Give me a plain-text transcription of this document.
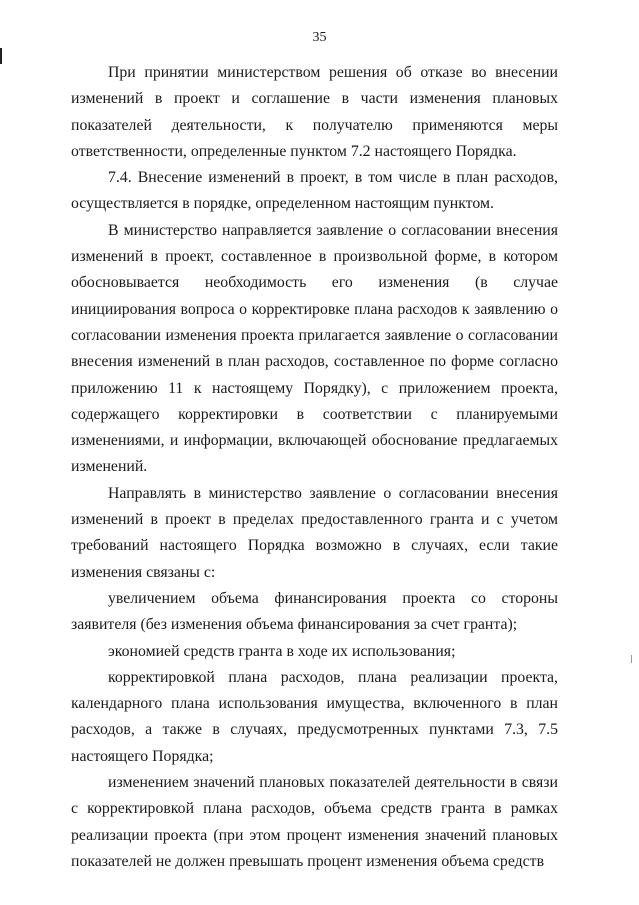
35

При принятии министерством решения об отказе во внесении изменений в проект и соглашение в части изменения плановых показателей деятельности, к получателю применяются меры ответственности, определенные пунктом 7.2 настоящего Порядка.

7.4. Внесение изменений в проект, в том числе в план расходов, осуществляется в порядке, определенном настоящим пунктом.

В министерство направляется заявление о согласовании внесения изменений в проект, составленное в произвольной форме, в котором обосновывается необходимость его изменения (в случае инициирования вопроса о корректировке плана расходов к заявлению о согласовании изменения проекта прилагается заявление о согласовании внесения изменений в план расходов, составленное по форме согласно приложению 11 к настоящему Порядку), с приложением проекта, содержащего корректировки в соответствии с планируемыми изменениями, и информации, включающей обоснование предлагаемых изменений.

Направлять в министерство заявление о согласовании внесения изменений в проект в пределах предоставленного гранта и с учетом требований настоящего Порядка возможно в случаях, если такие изменения связаны с:

увеличением объема финансирования проекта со стороны заявителя (без изменения объема финансирования за счет гранта);

экономией средств гранта в ходе их использования;

корректировкой плана расходов, плана реализации проекта, календарного плана использования имущества, включенного в план расходов, а также в случаях, предусмотренных пунктами 7.3, 7.5 настоящего Порядка;

изменением значений плановых показателей деятельности в связи с корректировкой плана расходов, объема средств гранта в рамках реализации проекта (при этом процент изменения значений плановых показателей не должен превышать процент изменения объема средств
